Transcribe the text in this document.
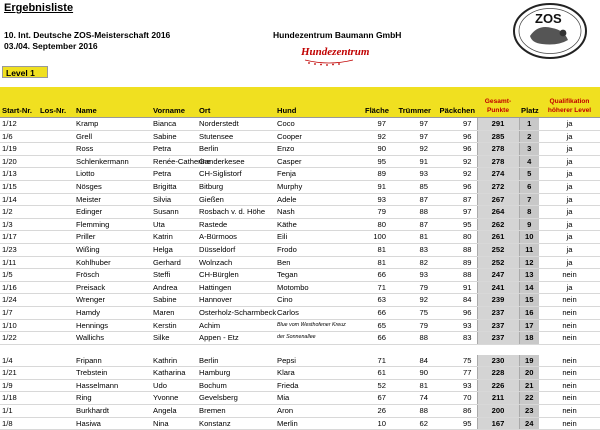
Ergebnisliste
10. Int. Deutsche ZOS-Meisterschaft 2016
03./04. September 2016
Hundezentrum Baumann GmbH
Hundezentrum
ZOS
Level 1
Start-Nr.	Los-Nr.	Name	Vorname	Ort	Hund	Fläche	Trümmer	Päckchen	Gesamt-Punkte	Platz	Qualifikation höherer Level
1/12		Kramp	Bianca	Norderstedt	Coco	97	97	97	291	1	ja
1/6		Grell	Sabine	Stutensee	Cooper	92	97	96	285	2	ja
1/19		Ross	Petra	Berlin	Enzo	90	92	96	278	3	ja
1/20		Schlenkermann	Renée-Catherine	Ganderkesee	Casper	95	91	92	278	4	ja
1/13		Liotto	Petra	CH-Siglistorf	Fenja	89	93	92	274	5	ja
1/15		Nösges	Brigitta	Bitburg	Murphy	91	85	96	272	6	ja
1/14		Meister	Silvia	Gießen	Adele	93	87	87	267	7	ja
1/2		Edinger	Susann	Rosbach v. d. Höhe	Nash	79	88	97	264	8	ja
1/3		Flemming	Uta	Rastede	Käthe	80	87	95	262	9	ja
1/17		Priller	Katrin	A-Bürmoos	Eili	100	81	80	261	10	ja
1/23		Wißing	Helga	Düsseldorf	Frodo	81	83	88	252	11	ja
1/11		Kohlhuber	Gerhard	Wolnzach	Ben	81	82	89	252	12	ja
1/5		Frösch	Steffi	CH-Bürglen	Tegan	66	93	88	247	13	nein
1/16		Preisack	Andrea	Hattingen	Motombo	71	79	91	241	14	ja
1/24		Wrenger	Sabine	Hannover	Cino	63	92	84	239	15	nein
1/7		Hamdy	Maren	Osterholz-Scharmbeck	Carlos	66	75	96	237	16	nein
1/10		Hennings	Kerstin	Achim	Blue vom Westhofener Kreuz	65	79	93	237	17	nein
1/22		Wallichs	Silke	Appen - Etz	der Sonnenallee	66	88	83	237	18	nein

1/4		Fripann	Kathrin	Berlin	Pepsi	71	84	75	230	19	nein
1/21		Trebstein	Katharina	Hamburg	Klara	61	90	77	228	20	nein
1/9		Hasselmann	Udo	Bochum	Frieda	52	81	93	226	21	nein
1/18		Ring	Yvonne	Gevelsberg	Mia	67	74	70	211	22	nein
1/1		Burkhardt	Angela	Bremen	Aron	26	88	86	200	23	nein
1/8		Hasiwa	Nina	Konstanz	Merlin	10	62	95	167	24	nein
